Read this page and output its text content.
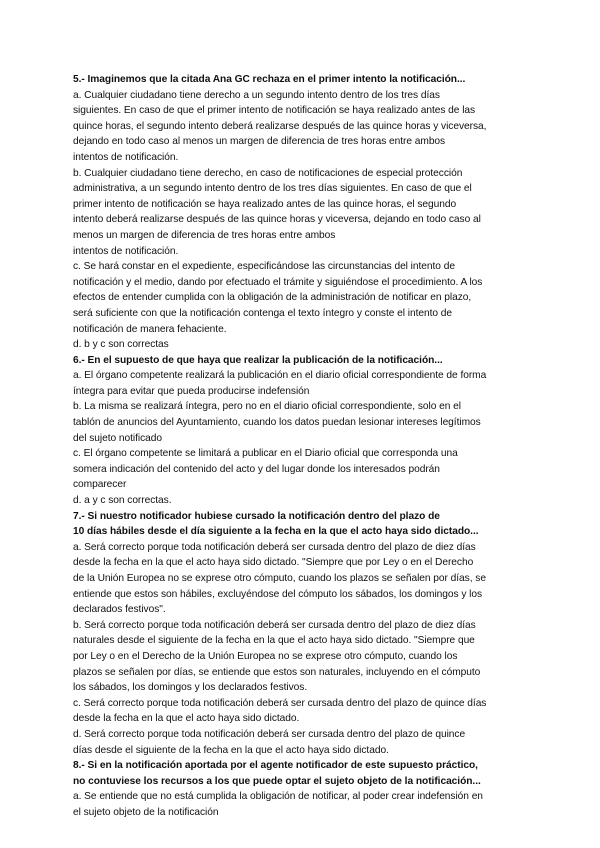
5.- Imaginemos que la citada Ana GC rechaza en el primer intento la notificación...
a. Cualquier ciudadano tiene derecho a un segundo intento dentro de los tres días
siguientes. En caso de que el primer intento de notificación se haya realizado antes de las
quince horas, el segundo intento deberá realizarse después de las quince horas y viceversa,
dejando en todo caso al menos un margen de diferencia de tres horas entre ambos
intentos de notificación.
b. Cualquier ciudadano tiene derecho, en caso de notificaciones de especial protección
administrativa, a un segundo intento dentro de los tres días siguientes. En caso de que el
primer intento de notificación se haya realizado antes de las quince horas, el segundo
intento deberá realizarse después de las quince horas y viceversa, dejando en todo caso al
menos un margen de diferencia de tres horas entre ambos
intentos de notificación.
c. Se hará constar en el expediente, especificándose las circunstancias del intento de
notificación y el medio, dando por efectuado el trámite y siguiéndose el procedimiento. A los
efectos de entender cumplida con la obligación de la administración de notificar en plazo,
será suficiente con que la notificación contenga el texto íntegro y conste el intento de
notificación de manera fehaciente.
d. b y c son correctas
6.- En el supuesto de que haya que realizar la publicación de la notificación...
a. El órgano competente realizará la publicación en el diario oficial correspondiente de forma
íntegra para evitar que pueda producirse indefensión
b. La misma se realizará íntegra, pero no en el diario oficial correspondiente, solo en el
tablón de anuncios del Ayuntamiento, cuando los datos puedan lesionar intereses legítimos
del sujeto notificado
c. El órgano competente se limitará a publicar en el Diario oficial que corresponda una
somera indicación del contenido del acto y del lugar donde los interesados podrán
comparecer
d. a y c son correctas.
7.- Si nuestro notificador hubiese cursado la notificación dentro del plazo de
10 días hábiles desde el día siguiente a la fecha en la que el acto haya sido dictado...
a. Será correcto porque toda notificación deberá ser cursada dentro del plazo de diez días
desde la fecha en la que el acto haya sido dictado. "Siempre que por Ley o en el Derecho
de la Unión Europea no se exprese otro cómputo, cuando los plazos se señalen por días, se
entiende que estos son hábiles, excluyéndose del cómputo los sábados, los domingos y los
declarados festivos".
b. Será correcto porque toda notificación deberá ser cursada dentro del plazo de diez días
naturales desde el siguiente de la fecha en la que el acto haya sido dictado. "Siempre que
por Ley o en el Derecho de la Unión Europea no se exprese otro cómputo, cuando los
plazos se señalen por días, se entiende que estos son naturales, incluyendo en el cómputo
los sábados, los domingos y los declarados festivos.
c. Será correcto porque toda notificación deberá ser cursada dentro del plazo de quince días
desde la fecha en la que el acto haya sido dictado.
d. Será correcto porque toda notificación deberá ser cursada dentro del plazo de quince
días desde el siguiente de la fecha en la que el acto haya sido dictado.
8.- Si en la notificación aportada por el agente notificador de este supuesto práctico,
no contuviese los recursos a los que puede optar el sujeto objeto de la notificación...
a. Se entiende que no está cumplida la obligación de notificar, al poder crear indefensión en
el sujeto objeto de la notificación
